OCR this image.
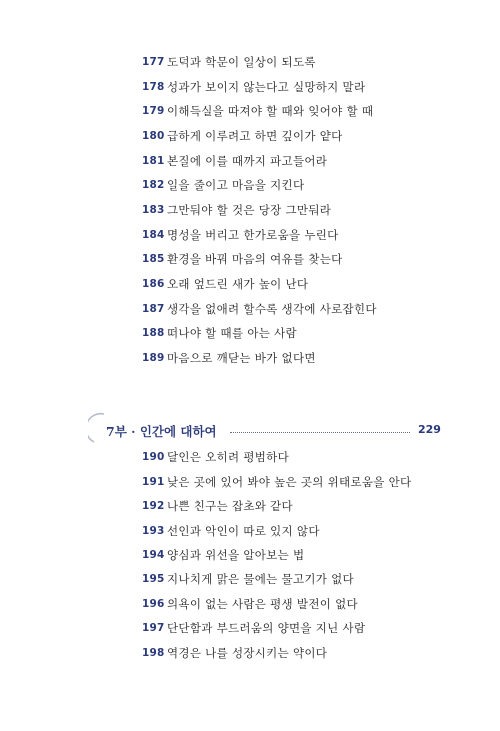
177 도덕과 학문이 일상이 되도록
178 성과가 보이지 않는다고 실망하지 말라
179 이해득실을 따져야 할 때와 잊어야 할 때
180 급하게 이루려고 하면 깊이가 얕다
181 본질에 이를 때까지 파고들어라
182 일을 줄이고 마음을 지킨다
183 그만둬야 할 것은 당장 그만둬라
184 명성을 버리고 한가로움을 누린다
185 환경을 바꿔 마음의 여유를 찾는다
186 오래 엎드린 새가 높이 난다
187 생각을 없애려 할수록 생각에 사로잡힌다
188 떠나야 할 때를 아는 사람
189 마음으로 깨닫는 바가 없다면
7부 · 인간에 대하여	229
190 달인은 오히려 평범하다
191 낮은 곳에 있어 봐야 높은 곳의 위태로움을 안다
192 나쁜 친구는 잡초와 같다
193 선인과 악인이 따로 있지 않다
194 양심과 위선을 알아보는 법
195 지나치게 맑은 물에는 물고기가 없다
196 의욕이 없는 사람은 평생 발전이 없다
197 단단함과 부드러움의 양면을 지닌 사람
198 역경은 나를 성장시키는 약이다
